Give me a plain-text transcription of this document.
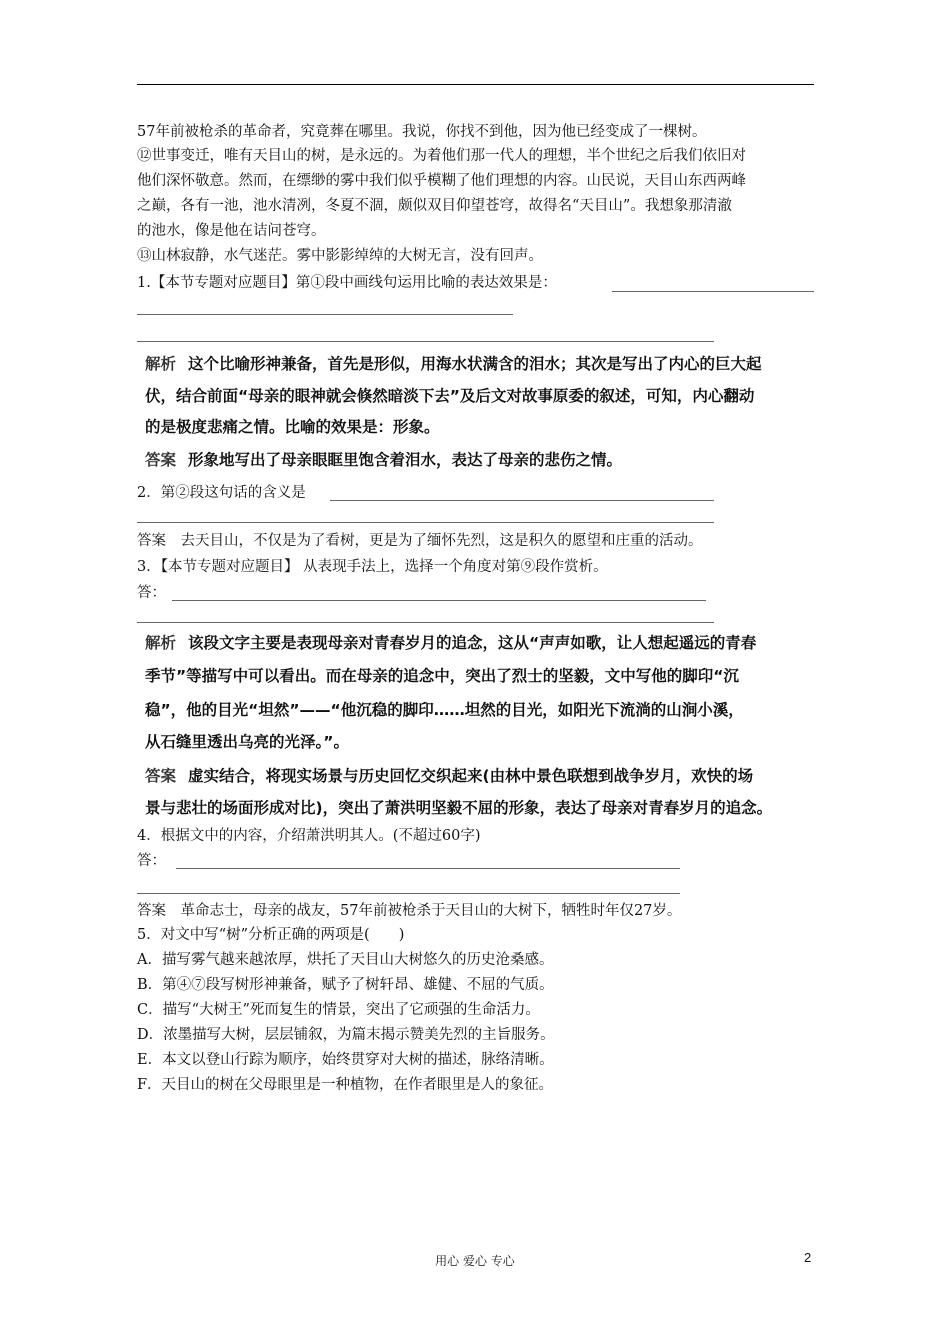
57年前被枪杀的革命者，究竟葬在哪里。我说，你找不到他，因为他已经变成了一棵树。
⑫世事变迁，唯有天目山的树，是永远的。为着他们那一代人的理想，半个世纪之后我们依旧对
他们深怀敬意。然而，在缥缈的雾中我们似乎模糊了他们理想的内容。山民说，天目山东西两峰
之巅，各有一池，池水清冽，冬夏不涸，颇似双目仰望苍穹，故得名“天目山”。我想象那清澈
的池水，像是他在诘问苍穹。
⑬山林寂静，水气迷茫。雾中影影绰绰的大树无言，没有回声。
1.【本节专题对应题目】第①段中画线句运用比喻的表达效果是：
解析 这个比喻形神兼备，首先是形似，用海水状满含的泪水；其次是写出了内心的巨大起
伏，结合前面“母亲的眼神就会倏然暗淡下去”及后文对故事原委的叙述，可知，内心翻动
的是极度悲痛之情。比喻的效果是：形象。
答案 形象地写出了母亲眼眶里饱含着泪水，表达了母亲的悲伤之情。
2．第②段这句话的含义是
答案　去天目山，不仅是为了看树，更是为了缅怀先烈，这是积久的愿望和庄重的活动。
3．【本节专题对应题目】 从表现手法上，选择一个角度对第⑨段作赏析。
答：
解析 该段文字主要是表现母亲对青春岁月的追念，这从“声声如歌，让人想起遥远的青春
季节”等描写中可以看出。而在母亲的追念中，突出了烈士的坚毅，文中写他的脚印“沉
稳”，他的目光“坦然”——“他沉稳的脚印……坦然的目光，如阳光下流淌的山涧小溪，
从石缝里透出乌亮的光泽。”。
答案 虚实结合，将现实场景与历史回忆交织起来(由林中景色联想到战争岁月，欢快的场
景与悲壮的场面形成对比)，突出了萧洪明坚毅不屈的形象，表达了母亲对青春岁月的追念。
4．根据文中的内容，介绍萧洪明其人。(不超过60字)
答：
答案　革命志士，母亲的战友，57年前被枪杀于天目山的大树下，牺牲时年仅27岁。
5．对文中写“树”分析正确的两项是(　　)
A．描写雾气越来越浓厚，烘托了天目山大树悠久的历史沧桑感。
B．第④⑦段写树形神兼备，赋予了树轩昂、雄健、不屈的气质。
C．描写“大树王”死而复生的情景，突出了它顽强的生命活力。
D．浓墨描写大树，层层铺叙，为篇末揭示赞美先烈的主旨服务。
E．本文以登山行踪为顺序，始终贯穿对大树的描述，脉络清晰。
F．天目山的树在父母眼里是一种植物，在作者眼里是人的象征。
用心 爱心 专心	2
